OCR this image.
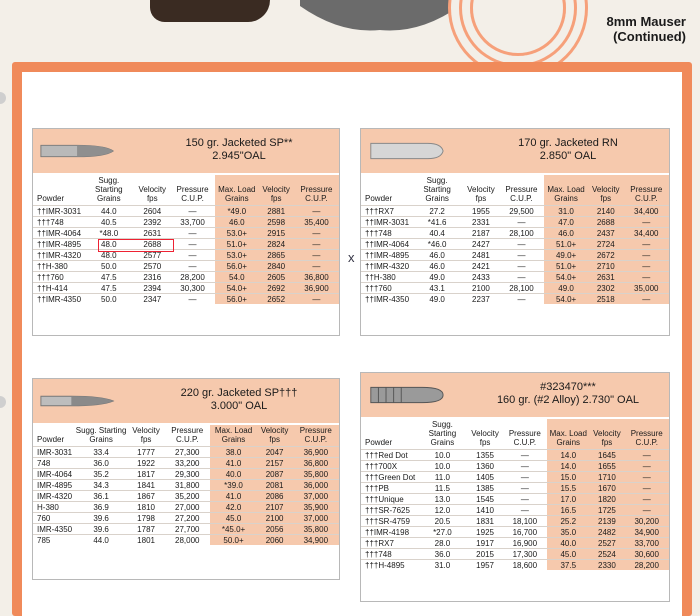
8mm Mauser
(Continued)
150 gr. Jacketed SP**
2.945"OAL
Powder	Sugg. Starting Grains	Velocity fps	Pressure C.U.P.	Max. Load Grains	Velocity fps	Pressure C.U.P.
††IMR-3031	44.0	2604	—	*49.0	2881	—
†††748	40.5	2392	33,700	46.0	2598	35,400
††IMR-4064	*48.0	2631	—	53.0+	2915	—
††IMR-4895	48.0	2688	—	51.0+	2824	—
††IMR-4320	48.0	2577	—	53.0+	2865	—
††H-380	50.0	2570	—	56.0+	2840	—
†††760	47.5	2316	28,200	54.0	2605	36,800
††H-414	47.5	2394	30,300	54.0+	2692	36,900
††IMR-4350	50.0	2347	—	56.0+	2652	—
170 gr. Jacketed RN
2.850" OAL
Powder	Sugg. Starting Grains	Velocity fps	Pressure C.U.P.	Max. Load Grains	Velocity fps	Pressure C.U.P.
†††RX7	27.2	1955	29,500	31.0	2140	34,400
††IMR-3031	*41.6	2331	—	47.0	2688	—
†††748	40.4	2187	28,100	46.0	2437	34,400
††IMR-4064	*46.0	2427	—	51.0+	2724	—
††IMR-4895	46.0	2481	—	49.0+	2672	—
††IMR-4320	46.0	2421	—	51.0+	2710	—
††H-380	49.0	2433	—	54.0+	2631	—
†††760	43.1	2100	28,100	49.0	2302	35,000
††IMR-4350	49.0	2237	—	54.0+	2518	—
220 gr. Jacketed SP†††
3.000" OAL
Powder	Sugg. Starting Grains	Velocity fps	Pressure C.U.P.	Max. Load Grains	Velocity fps	Pressure C.U.P.
IMR-3031	33.4	1777	27,300	38.0	2047	36,900
748	36.0	1922	33,200	41.0	2157	36,800
IMR-4064	35.2	1817	29,300	40.0	2087	35,800
IMR-4895	34.3	1841	31,800	*39.0	2081	36,000
IMR-4320	36.1	1867	35,200	41.0	2086	37,000
H-380	36.9	1810	27,000	42.0	2107	35,900
760	39.6	1798	27,200	45.0	2100	37,000
IMR-4350	39.6	1787	27,700	*45.0+	2056	35,800
785	44.0	1801	28,000	50.0+	2060	34,900
#323470***
160 gr. (#2 Alloy) 2.730" OAL
Powder	Sugg. Starting Grains	Velocity fps	Pressure C.U.P.	Max. Load Grains	Velocity fps	Pressure C.U.P.
†††Red Dot	10.0	1355	—	14.0	1645	—
†††700X	10.0	1360	—	14.0	1655	—
†††Green Dot	11.0	1405	—	15.0	1710	—
†††PB	11.5	1385	—	15.5	1670	—
†††Unique	13.0	1545	—	17.0	1820	—
†††SR-7625	12.0	1410	—	16.5	1725	—
†††SR-4759	20.5	1831	18,100	25.2	2139	30,200
††IMR-4198	*27.0	1925	16,700	35.0	2482	34,900
†††RX7	28.0	1917	16,900	40.0	2527	33,700
†††748	36.0	2015	17,300	45.0	2524	30,600
†††H-4895	31.0	1957	18,600	37.5	2330	28,200
x
